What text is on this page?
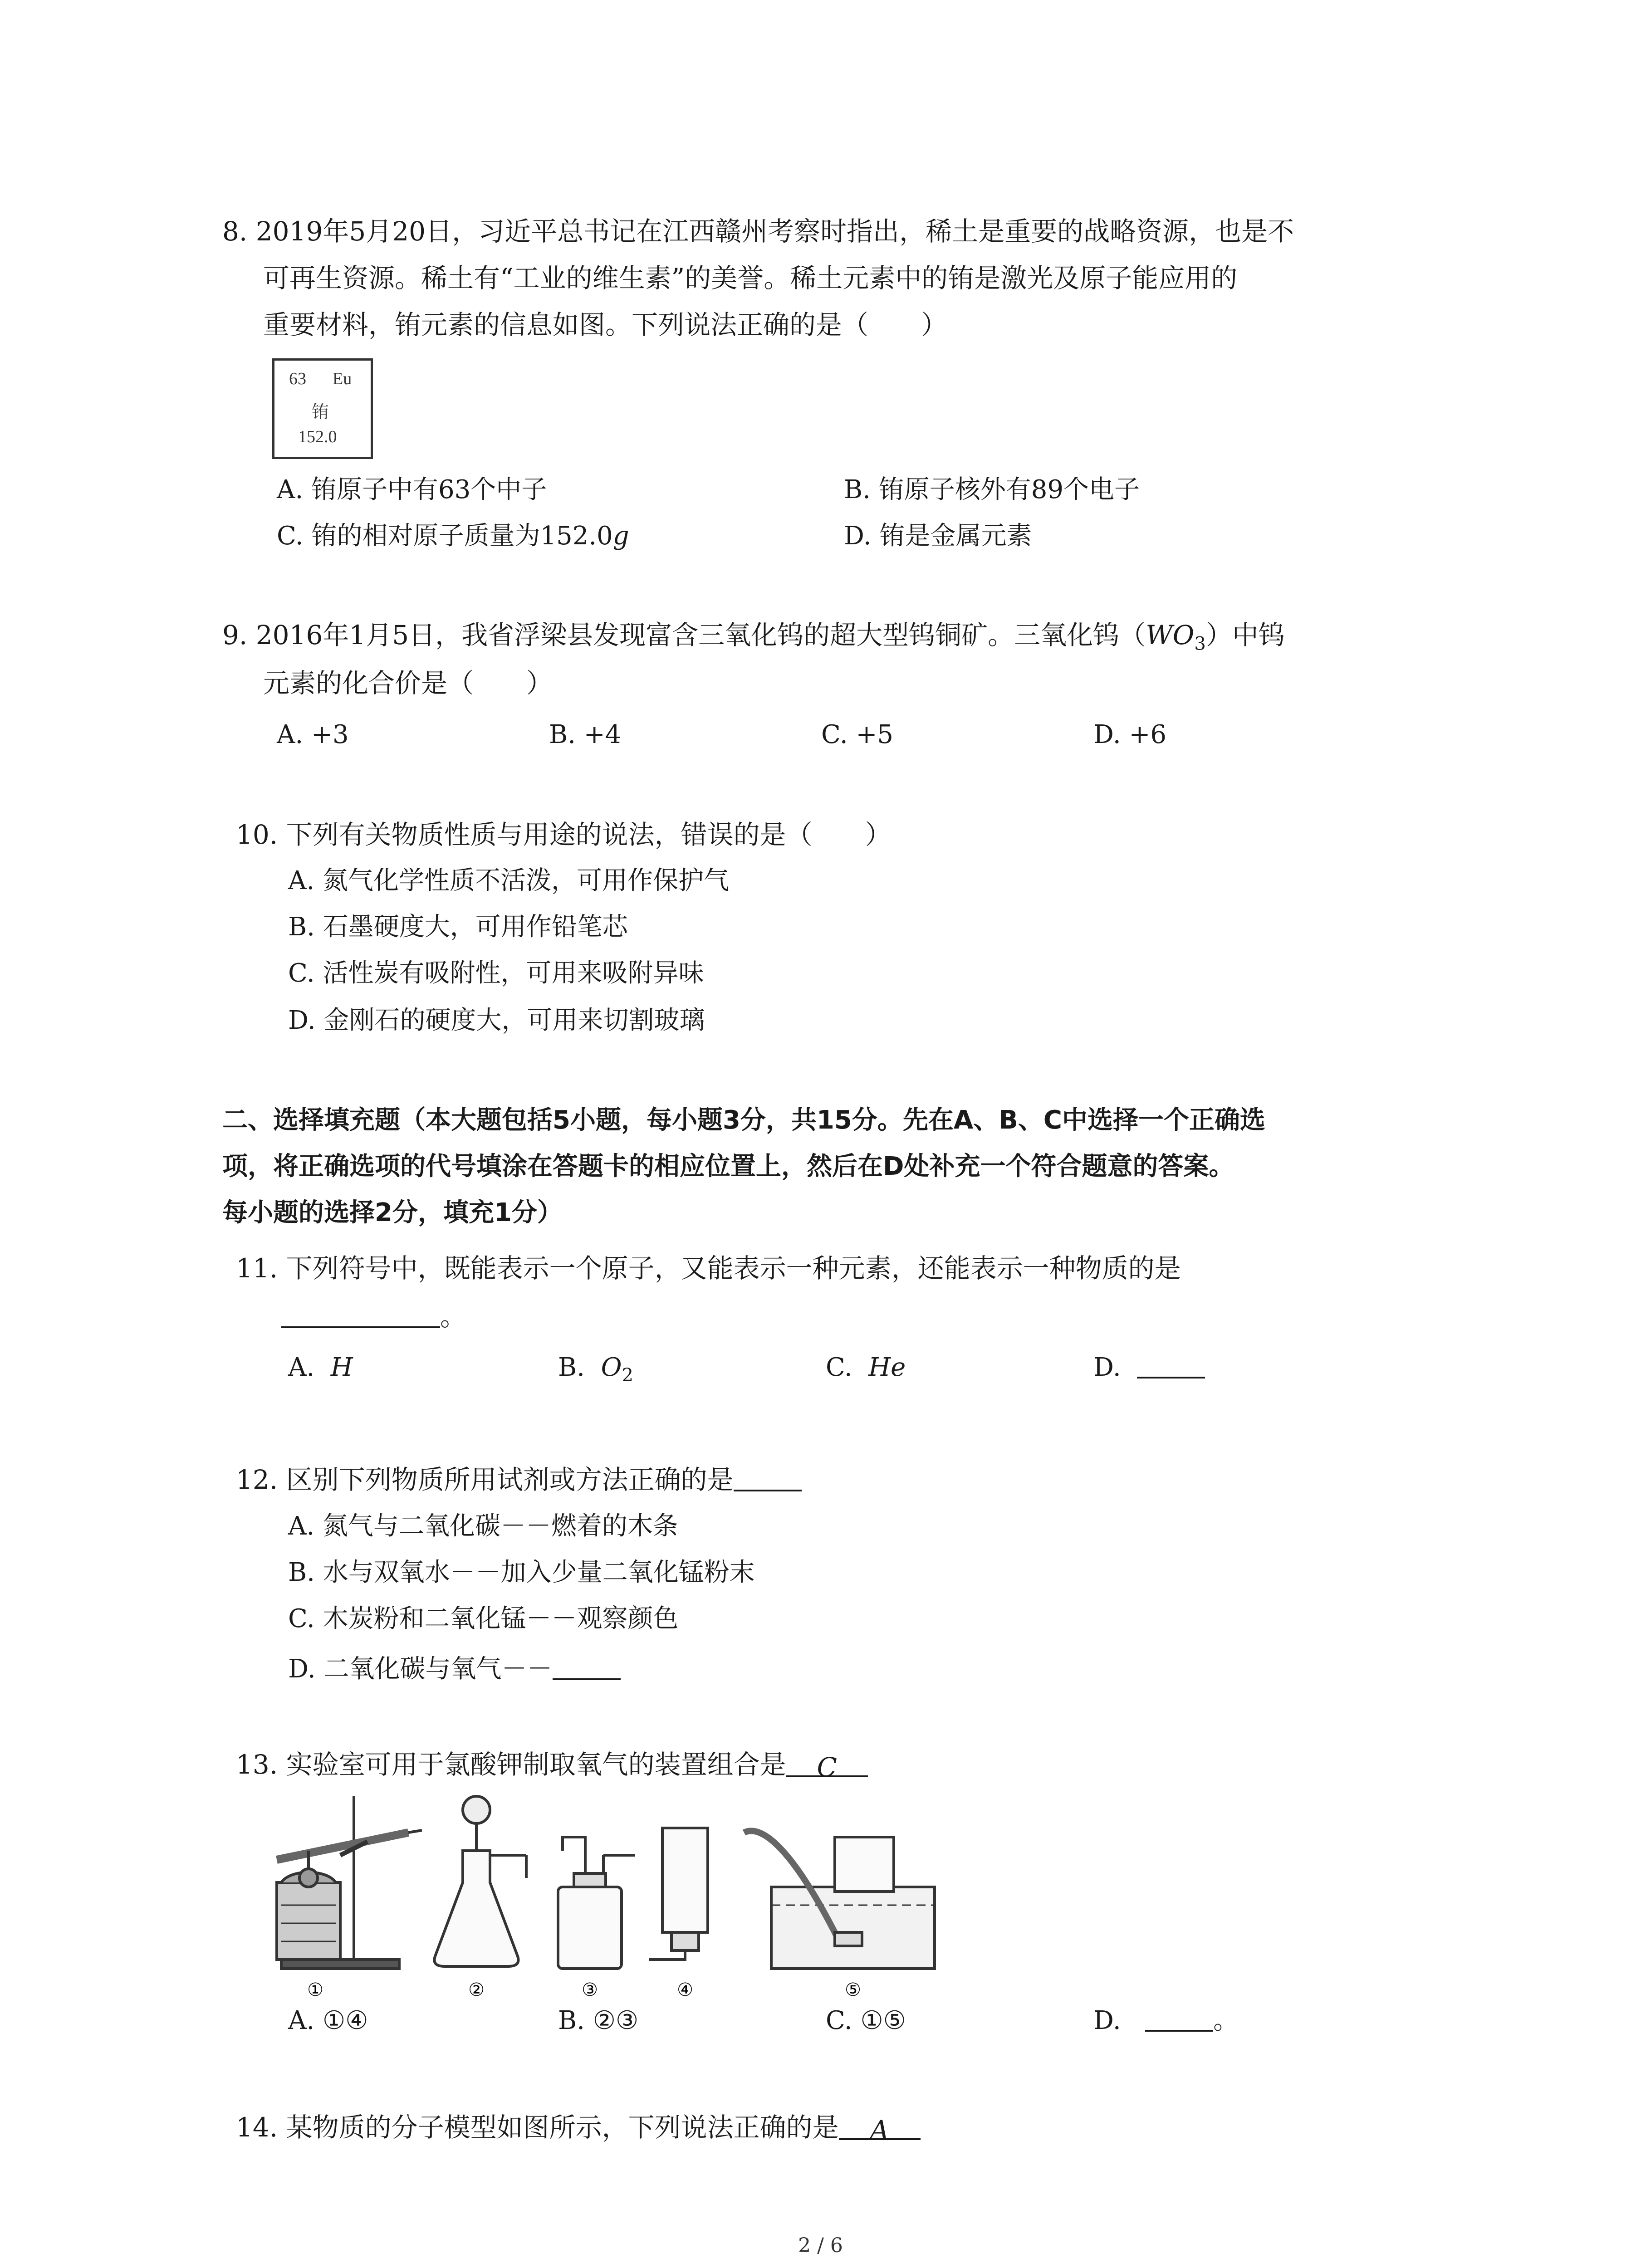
8. 2019年5月20日，习近平总书记在江西赣州考察时指出，稀土是重要的战略资源，也是不
可再生资源。稀土有“工业的维生素”的美誉。稀土元素中的铕是激光及原子能应用的
重要材料，铕元素的信息如图。下列说法正确的是（　　）
63 Eu
铕
152.0
A. 铕原子中有63个中子	B. 铕原子核外有89个电子
C. 铕的相对原子质量为152.0g	D. 铕是金属元素
9. 2016年1月5日，我省浮梁县发现富含三氧化钨的超大型钨铜矿。三氧化钨$(WO_3)$中钨
元素的化合价是（　　）
A. +3	B. +4	C. +5	D. +6
10. 下列有关物质性质与用途的说法，错误的是（　　）
A. 氮气化学性质不活泼，可用作保护气
B. 石墨硬度大，可用作铅笔芯
C. 活性炭有吸附性，可用来吸附异味
D. 金刚石的硬度大，可用来切割玻璃
二、选择填充题（本大题包括5小题，每小题3分，共15分。先在A、B、C中选择一个正确选
项，将正确选项的代号填涂在答题卡的相应位置上，然后在D处补充一个符合题意的答案。
每小题的选择2分，填充1分）
11. 下列符号中，既能表示一个原子，又能表示一种元素，还能表示一种物质的是
。
A. H	B. $O_2$	C. He	D.
12. 区别下列物质所用试剂或方法正确的是
A. 氮气与二氧化碳－－燃着的木条
B. 水与双氧水－－加入少量二氧化锰粉末
C. 木炭粉和二氧化锰－－观察颜色
D. 二氧化碳与氧气－－
13. 实验室可用于氯酸钾制取氧气的装置组合是 C
①	②	③	④	⑤
A. ①④	B. ②③	C. ①⑤	D.	。
14. 某物质的分子模型如图所示，下列说法正确的是 A
2 / 6
